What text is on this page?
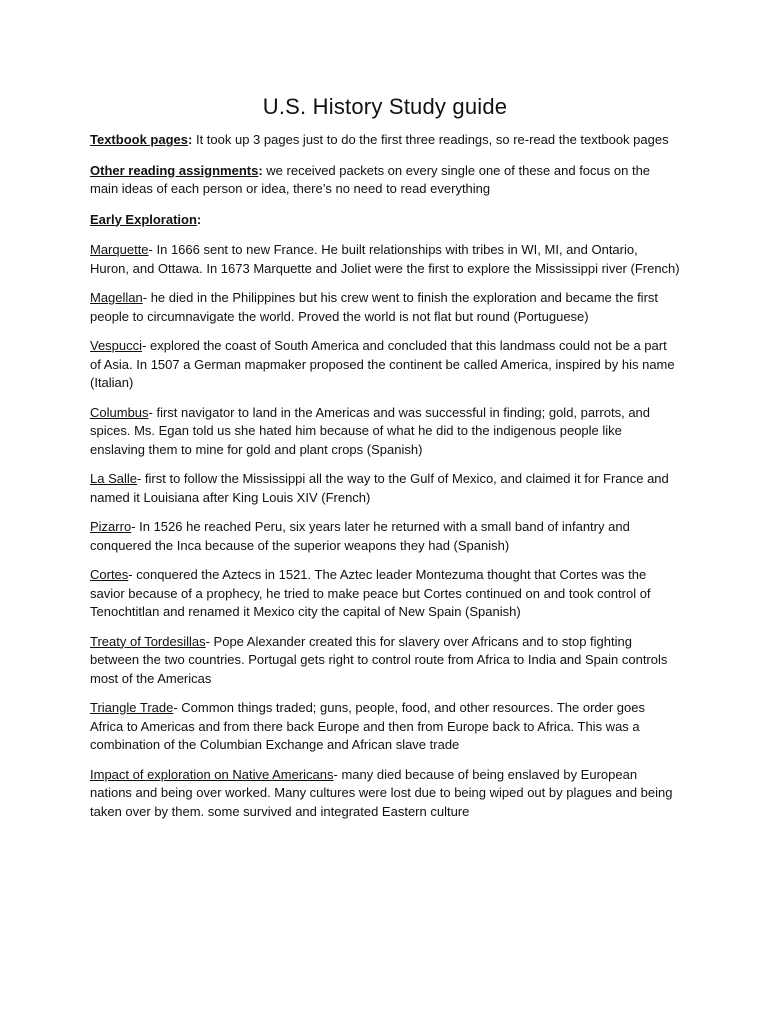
U.S. History Study guide

Textbook pages: It took up 3 pages just to do the first three readings, so re-read the textbook pages

Other reading assignments: we received packets on every single one of these and focus on the main ideas of each person or idea, there’s no need to read everything

Early Exploration:

Marquette- In 1666 sent to new France. He built relationships with tribes in WI, MI, and Ontario, Huron, and Ottawa. In 1673 Marquette and Joliet were the first to explore the Mississippi river (French)

Magellan- he died in the Philippines but his crew went to finish the exploration and became the first people to circumnavigate the world. Proved the world is not flat but round (Portuguese)

Vespucci- explored the coast of South America and concluded that this landmass could not be a part of Asia. In 1507 a German mapmaker proposed the continent be called America, inspired by his name (Italian)

Columbus- first navigator to land in the Americas and was successful in finding; gold, parrots, and spices. Ms. Egan told us she hated him because of what he did to the indigenous people like enslaving them to mine for gold and plant crops (Spanish)

La Salle- first to follow the Mississippi all the way to the Gulf of Mexico, and claimed it for France and named it Louisiana after King Louis XIV (French)

Pizarro- In 1526 he reached Peru, six years later he returned with a small band of infantry and conquered the Inca because of the superior weapons they had (Spanish)

Cortes- conquered the Aztecs in 1521. The Aztec leader Montezuma thought that Cortes was the savior because of a prophecy, he tried to make peace but Cortes continued on and took control of Tenochtitlan and renamed it Mexico city the capital of New Spain (Spanish)

Treaty of Tordesillas- Pope Alexander created this for slavery over Africans and to stop fighting between the two countries. Portugal gets right to control route from Africa to India and Spain controls most of the Americas

Triangle Trade- Common things traded; guns, people, food, and other resources. The order goes Africa to Americas and from there back Europe and then from Europe back to Africa. This was a combination of the Columbian Exchange and African slave trade

Impact of exploration on Native Americans- many died because of being enslaved by European nations and being over worked. Many cultures were lost due to being wiped out by plagues and being taken over by them. some survived and integrated Eastern culture
